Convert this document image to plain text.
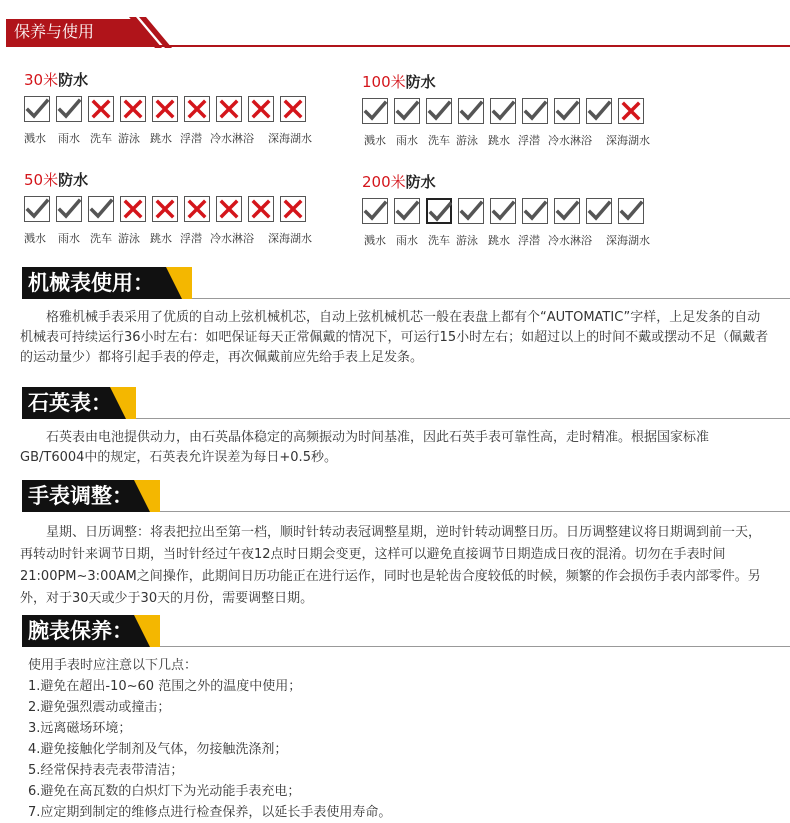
保养与使用
30米防水
溅水 雨水 洗车 游泳 跳水 浮潜 冷水淋浴 深海湖水
100米防水
溅水 雨水 洗车 游泳 跳水 浮潜 冷水淋浴 深海湖水
50米防水
溅水 雨水 洗车 游泳 跳水 浮潜 冷水淋浴 深海湖水
200米防水
溅水 雨水 洗车 游泳 跳水 浮潜 冷水淋浴 深海湖水
机械表使用：
格雅机械手表采用了优质的自动上弦机械机芯，自动上弦机械机芯一般在表盘上都有个“AUTOMATIC”字样，上足发条的自动机械表可持续运行36小时左右：如吧保证每天正常佩戴的情况下，可运行15小时左右；如超过以上的时间不戴或摆动不足（佩戴者的运动量少）都将引起手表的停走，再次佩戴前应先给手表上足发条。
石英表：
石英表由电池提供动力，由石英晶体稳定的高频振动为时间基准，因此石英手表可靠性高，走时精准。根据国家标准GB/T6004中的规定，石英表允许误差为每日+0.5秒。
手表调整：
星期、日历调整：将表把拉出至第一档，顺时针转动表冠调整星期，逆时针转动调整日历。日历调整建议将日期调到前一天，再转动时针来调节日期，当时针经过午夜12点时日期会变更，这样可以避免直接调节日期造成日夜的混淆。切勿在手表时间21:00PM~3:00AM之间操作，此期间日历功能正在进行运作，同时也是轮齿合度较低的时候，频繁的作会损伤手表内部零件。另外，对于30天或少于30天的月份，需要调整日期。
腕表保养：
使用手表时应注意以下几点：
1.避免在超出-10~60 范围之外的温度中使用；
2.避免强烈震动或撞击；
3.远离磁场环境；
4.避免接触化学制剂及气体，勿接触洗涤剂；
5.经常保持表壳表带清洁；
6.避免在高瓦数的白炽灯下为光动能手表充电；
7.应定期到制定的维修点进行检查保养，以延长手表使用寿命。
